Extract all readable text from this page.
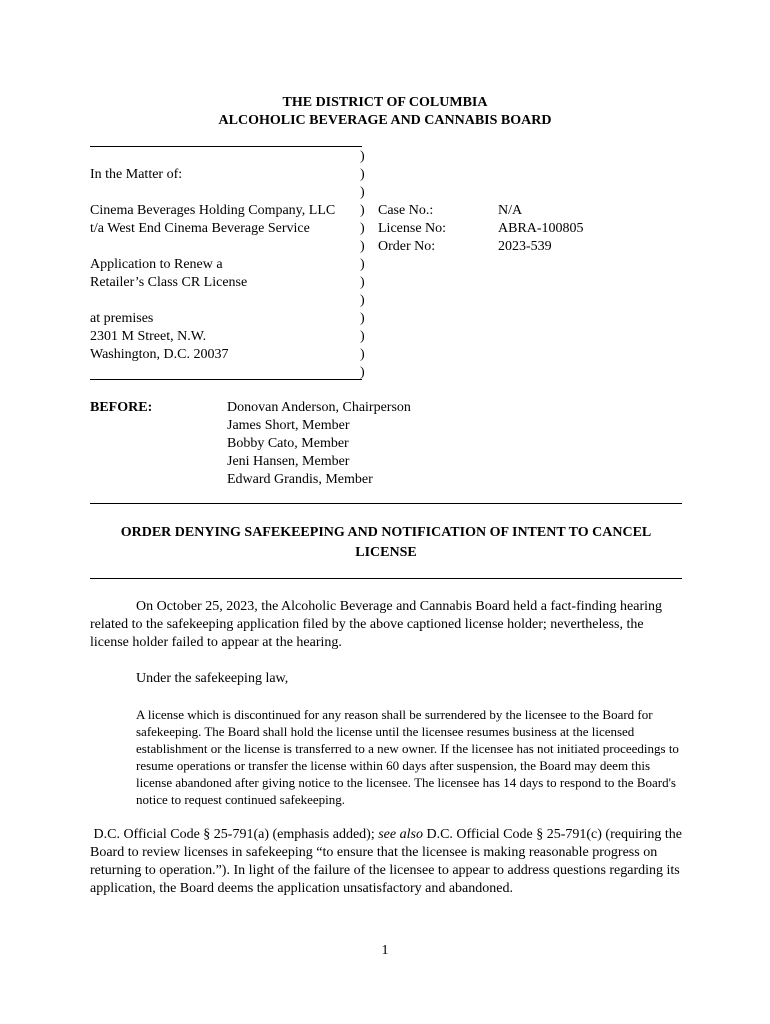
THE DISTRICT OF COLUMBIA
ALCOHOLIC BEVERAGE AND CANNABIS BOARD
)
)
)
)
)
)
)
)
)
)
)
)
)
In the Matter of:
Cinema Beverages Holding Company, LLC
t/a West End Cinema Beverage Service
Application to Renew a
Retailer’s Class CR License
at premises
2301 M Street, N.W.
Washington, D.C. 20037
Case No.:	N/A
License No:	ABRA-100805
Order No:	2023-539
BEFORE:	Donovan Anderson, Chairperson
James Short, Member
Bobby Cato, Member
Jeni Hansen, Member
Edward Grandis, Member
ORDER DENYING SAFEKEEPING AND NOTIFICATION OF INTENT TO CANCEL LICENSE
On October 25, 2023, the Alcoholic Beverage and Cannabis Board held a fact-finding hearing related to the safekeeping application filed by the above captioned license holder; nevertheless, the license holder failed to appear at the hearing.
Under the safekeeping law,
A license which is discontinued for any reason shall be surrendered by the licensee to the Board for safekeeping. The Board shall hold the license until the licensee resumes business at the licensed establishment or the license is transferred to a new owner. If the licensee has not initiated proceedings to resume operations or transfer the license within 60 days after suspension, the Board may deem this license abandoned after giving notice to the licensee. The licensee has 14 days to respond to the Board's notice to request continued safekeeping.
D.C. Official Code § 25-791(a) (emphasis added); see also D.C. Official Code § 25-791(c) (requiring the Board to review licenses in safekeeping “to ensure that the licensee is making reasonable progress on returning to operation.”). In light of the failure of the licensee to appear to address questions regarding its application, the Board deems the application unsatisfactory and abandoned.
1
